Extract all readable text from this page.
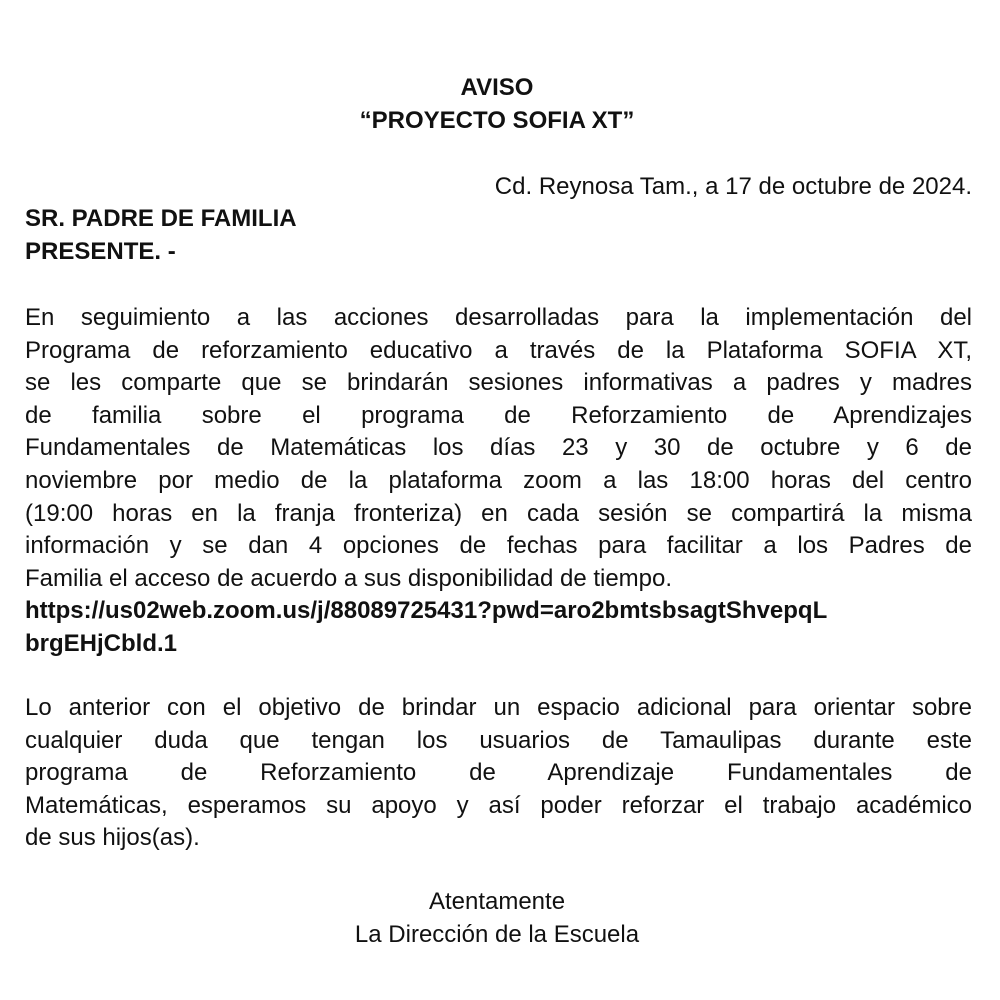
AVISO
“PROYECTO SOFIA XT”
Cd. Reynosa Tam., a 17 de octubre de 2024.
SR. PADRE DE FAMILIA
PRESENTE. -
En seguimiento a las acciones desarrolladas para la implementación del
Programa de reforzamiento educativo a través de la Plataforma SOFIA XT,
se les comparte que se brindarán sesiones informativas a padres y madres
de familia sobre el programa de Reforzamiento de Aprendizajes
Fundamentales de Matemáticas los días 23 y 30 de octubre y 6 de
noviembre por medio de la plataforma zoom a las 18:00 horas del centro
(19:00 horas en la franja fronteriza) en cada sesión se compartirá la misma
información y se dan 4 opciones de fechas para facilitar a los Padres de
Familia el acceso de acuerdo a sus disponibilidad de tiempo.
https://us02web.zoom.us/j/88089725431?pwd=aro2bmtsbsagtShvepqL
brgEHjCbld.1
Lo anterior con el objetivo de brindar un espacio adicional para orientar sobre
cualquier duda que tengan los usuarios de Tamaulipas durante este
programa de Reforzamiento de Aprendizaje Fundamentales de
Matemáticas, esperamos su apoyo y así poder reforzar el trabajo académico
de sus hijos(as).
Atentamente
La Dirección de la Escuela
